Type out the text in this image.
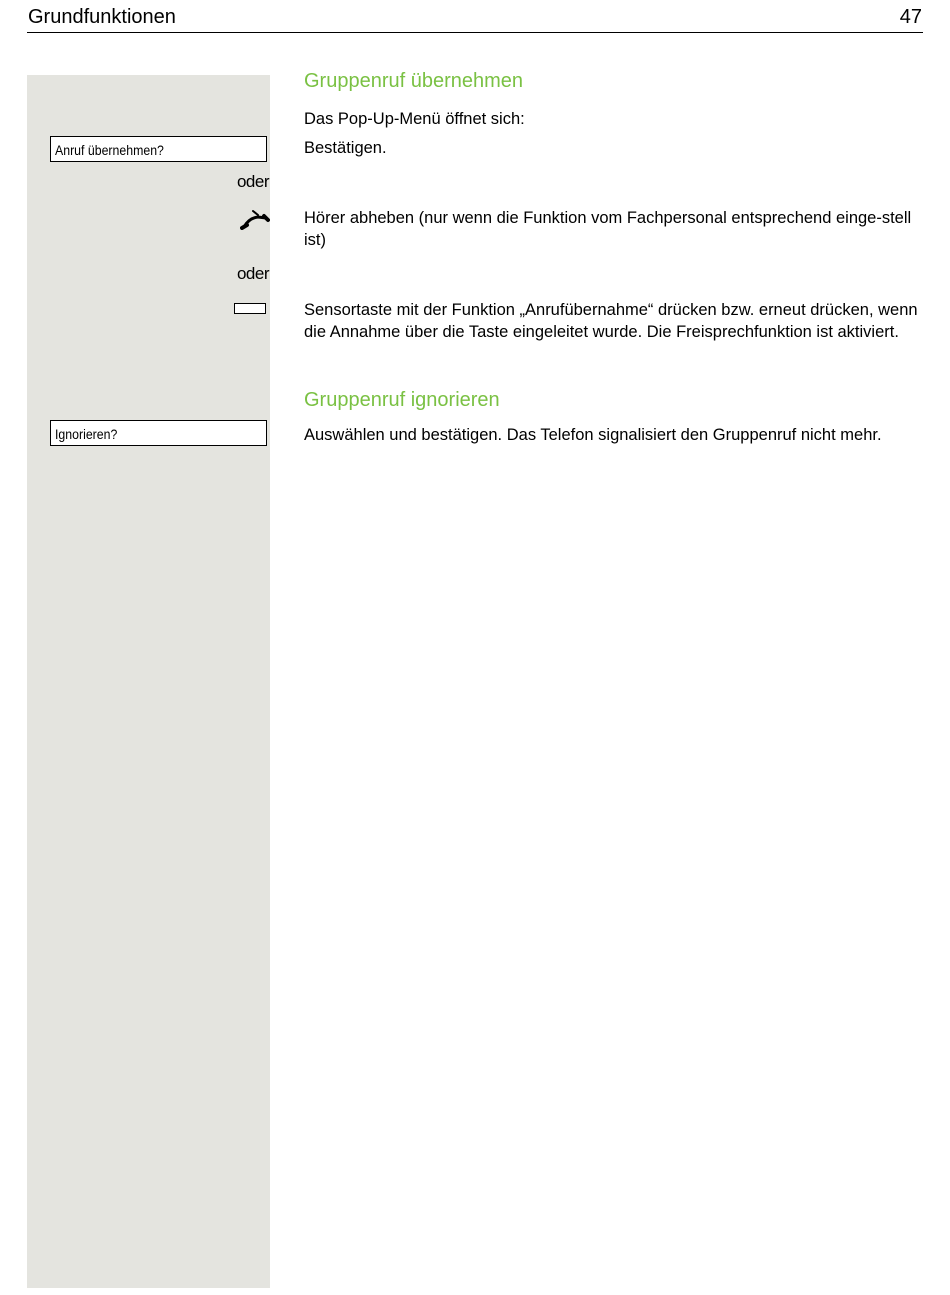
Grundfunktionen	47
Anruf übernehmen?
oder
oder
Ignorieren?
Gruppenruf übernehmen
Das Pop-Up-Menü öffnet sich:
Bestätigen.
Hörer abheben (nur wenn die Funktion vom Fachpersonal entsprechend einge-stell ist)
Sensortaste mit der Funktion „Anrufübernahme“ drücken bzw. erneut drücken, wenn die Annahme über die Taste eingeleitet wurde. Die Freisprechfunktion ist aktiviert.
Gruppenruf ignorieren
Auswählen und bestätigen. Das Telefon signalisiert den Gruppenruf nicht mehr.
